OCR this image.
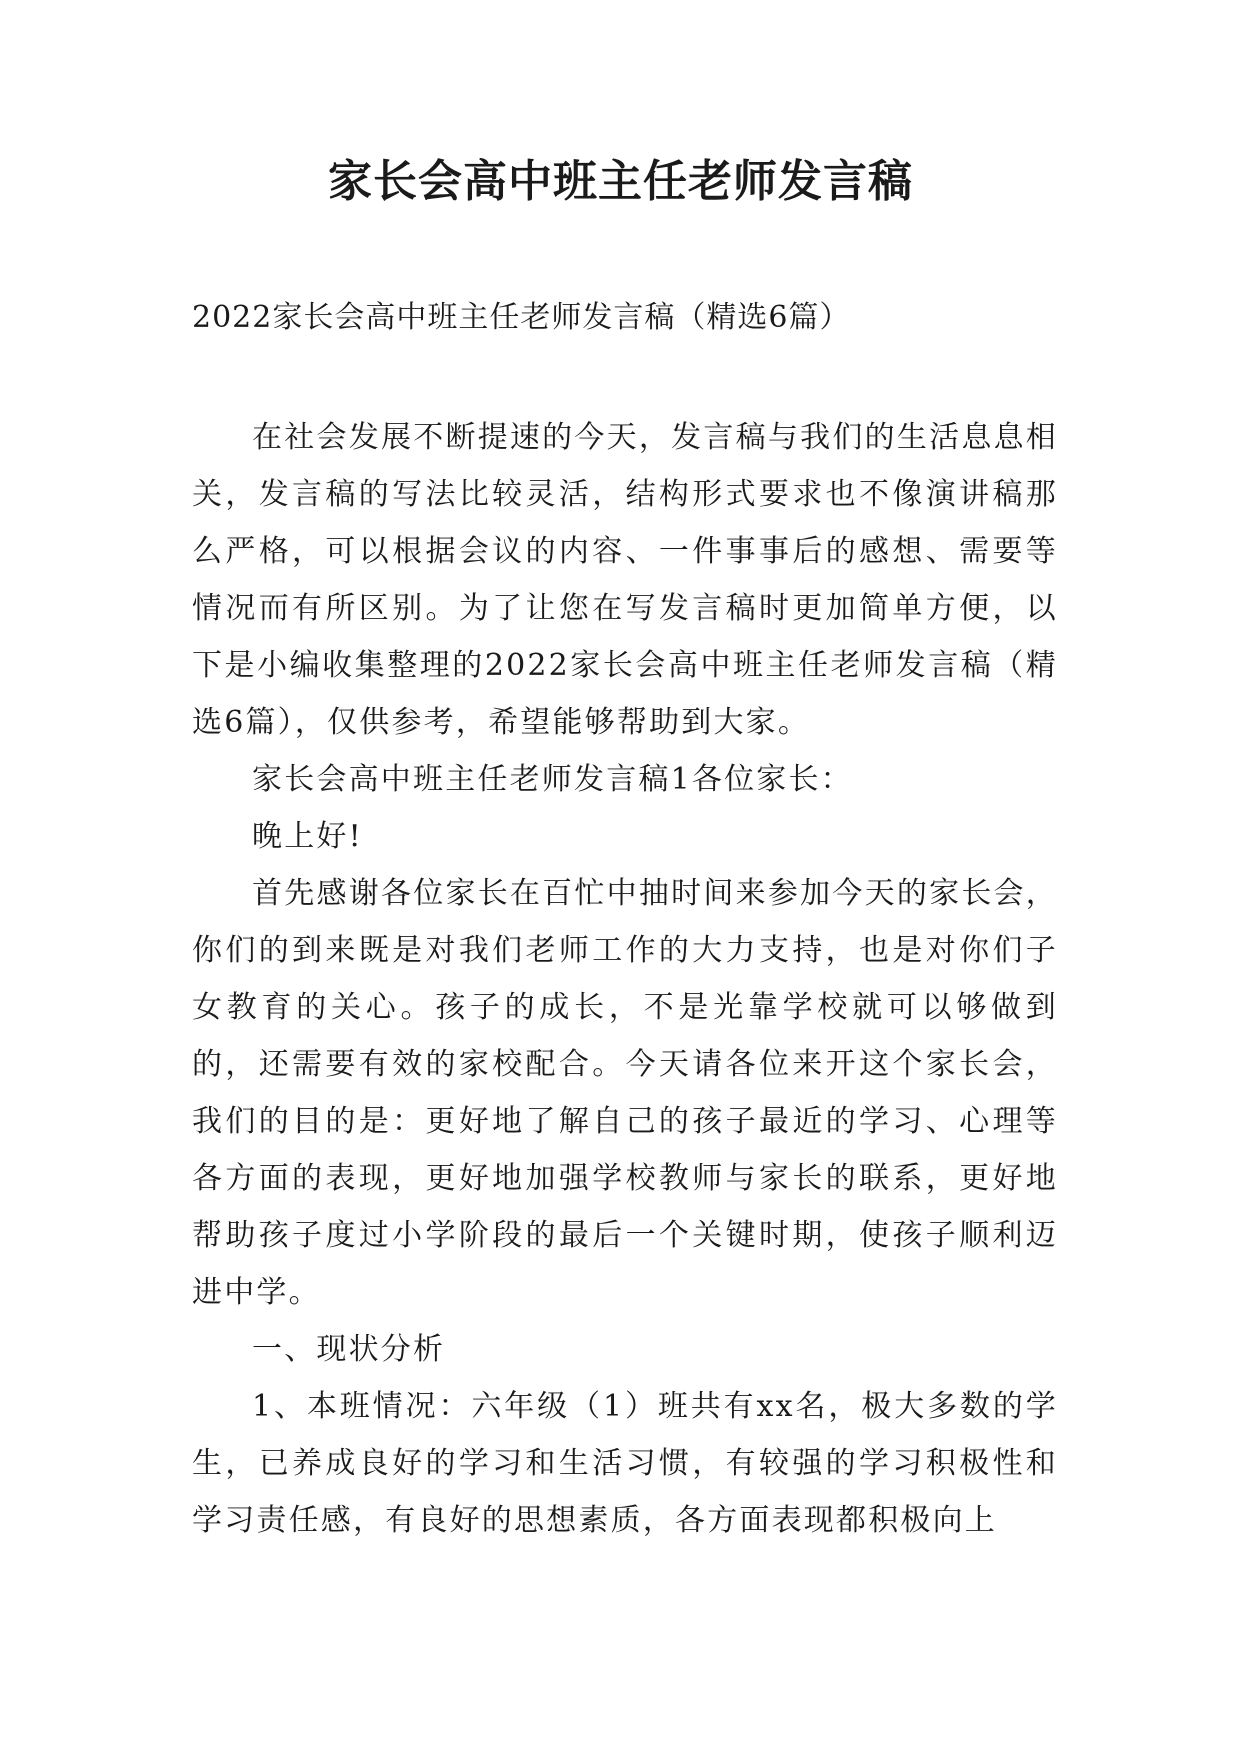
家长会高中班主任老师发言稿

2022家长会高中班主任老师发言稿（精选6篇）

在社会发展不断提速的今天，发言稿与我们的生活息息相关，发言稿的写法比较灵活，结构形式要求也不像演讲稿那么严格，可以根据会议的内容、一件事事后的感想、需要等情况而有所区别。为了让您在写发言稿时更加简单方便，以下是小编收集整理的2022家长会高中班主任老师发言稿（精选6篇），仅供参考，希望能够帮助到大家。

家长会高中班主任老师发言稿1各位家长：

晚上好!

首先感谢各位家长在百忙中抽时间来参加今天的家长会，你们的到来既是对我们老师工作的大力支持，也是对你们子女教育的关心。孩子的成长，不是光靠学校就可以够做到的，还需要有效的家校配合。今天请各位来开这个家长会，我们的目的是：更好地了解自己的孩子最近的学习、心理等各方面的表现，更好地加强学校教师与家长的联系，更好地帮助孩子度过小学阶段的最后一个关键时期，使孩子顺利迈进中学。

一、现状分析

1、本班情况：六年级（1）班共有xx名，极大多数的学生，已养成良好的学习和生活习惯，有较强的学习积极性和学习责任感，有良好的思想素质，各方面表现都积极向上
